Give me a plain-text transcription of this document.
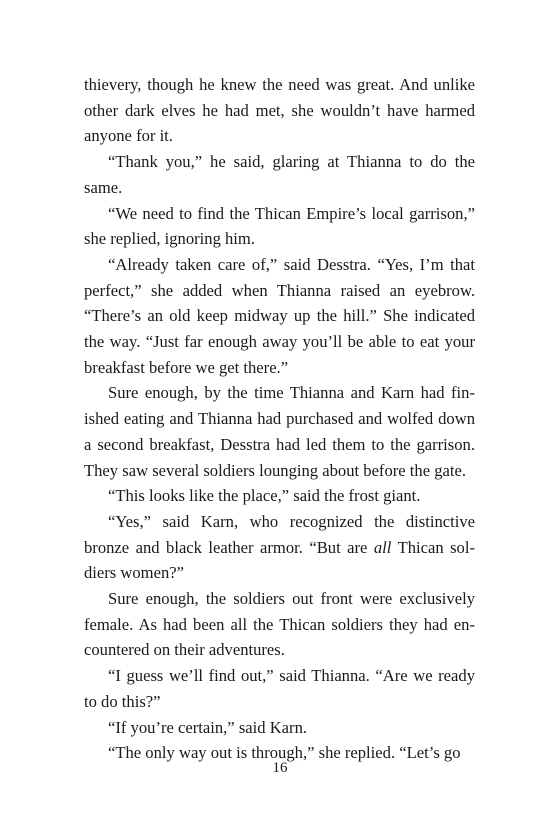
thievery, though he knew the need was great. And unlike other dark elves he had met, she wouldn’t have harmed anyone for it.

“Thank you,” he said, glaring at Thianna to do the same.

“We need to find the Thican Empire’s local garrison,” she replied, ignoring him.

“Already taken care of,” said Desstra. “Yes, I’m that perfect,” she added when Thianna raised an eyebrow. “There’s an old keep midway up the hill.” She indicated the way. “Just far enough away you’ll be able to eat your breakfast before we get there.”

Sure enough, by the time Thianna and Karn had finished eating and Thianna had purchased and wolfed down a second breakfast, Desstra had led them to the garrison. They saw several soldiers lounging about before the gate.

“This looks like the place,” said the frost giant.

“Yes,” said Karn, who recognized the distinctive bronze and black leather armor. “But are all Thican soldiers women?”

Sure enough, the soldiers out front were exclusively female. As had been all the Thican soldiers they had encountered on their adventures.

“I guess we’ll find out,” said Thianna. “Are we ready to do this?”

“If you’re certain,” said Karn.

“The only way out is through,” she replied. “Let’s go

16
